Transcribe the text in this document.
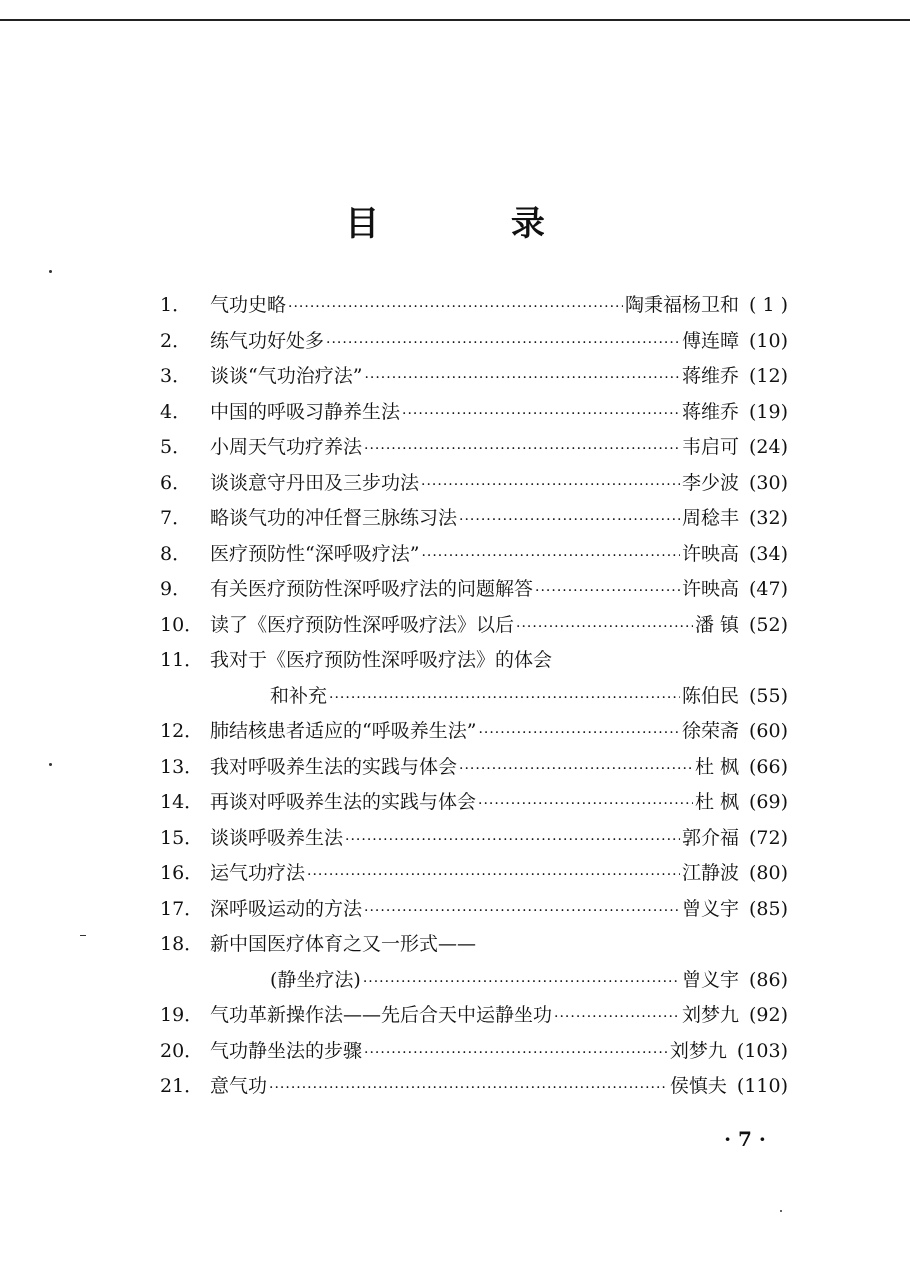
目 录
1． 气功史略 ·····	陶秉福杨卫和 ( 1 )
2． 练气功好处多 ·····	傅连暲 (10)
3． 谈谈“气功治疗法” ·····	蒋维乔 (12)
4． 中国的呼吸习静养生法 ·····	蒋维乔 (19)
5． 小周天气功疗养法 ·····	韦启可 (24)
6． 谈谈意守丹田及三步功法 ·····	李少波 (30)
7． 略谈气功的冲任督三脉练习法 ·····	周稔丰 (32)
8． 医疗预防性“深呼吸疗法” ·····	许映高 (34)
9． 有关医疗预防性深呼吸疗法的问题解答 ·····	许映高 (47)
10． 读了《医疗预防性深呼吸疗法》以后 ·····	潘 镇 (52)
11． 我对于《医疗预防性深呼吸疗法》的体会
和补充 ·····	陈伯民 (55)
12． 肺结核患者适应的“呼吸养生法” ·····	徐荣斋 (60)
13． 我对呼吸养生法的实践与体会 ·····	杜 枫 (66)
14． 再谈对呼吸养生法的实践与体会 ·····	杜 枫 (69)
15． 谈谈呼吸养生法 ·····	郭介福 (72)
16． 运气功疗法 ·····	江静波 (80)
17． 深呼吸运动的方法 ·····	曾义宇 (85)
18． 新中国医疗体育之又一形式——
(静坐疗法) ·····	曾义宇 (86)
19． 气功革新操作法——先后合天中运静坐功 ·····	刘梦九 (92)
20． 气功静坐法的步骤 ·····	刘梦九 (103)
21． 意气功 ·····	侯慎夫 (110)
· 7 ·
